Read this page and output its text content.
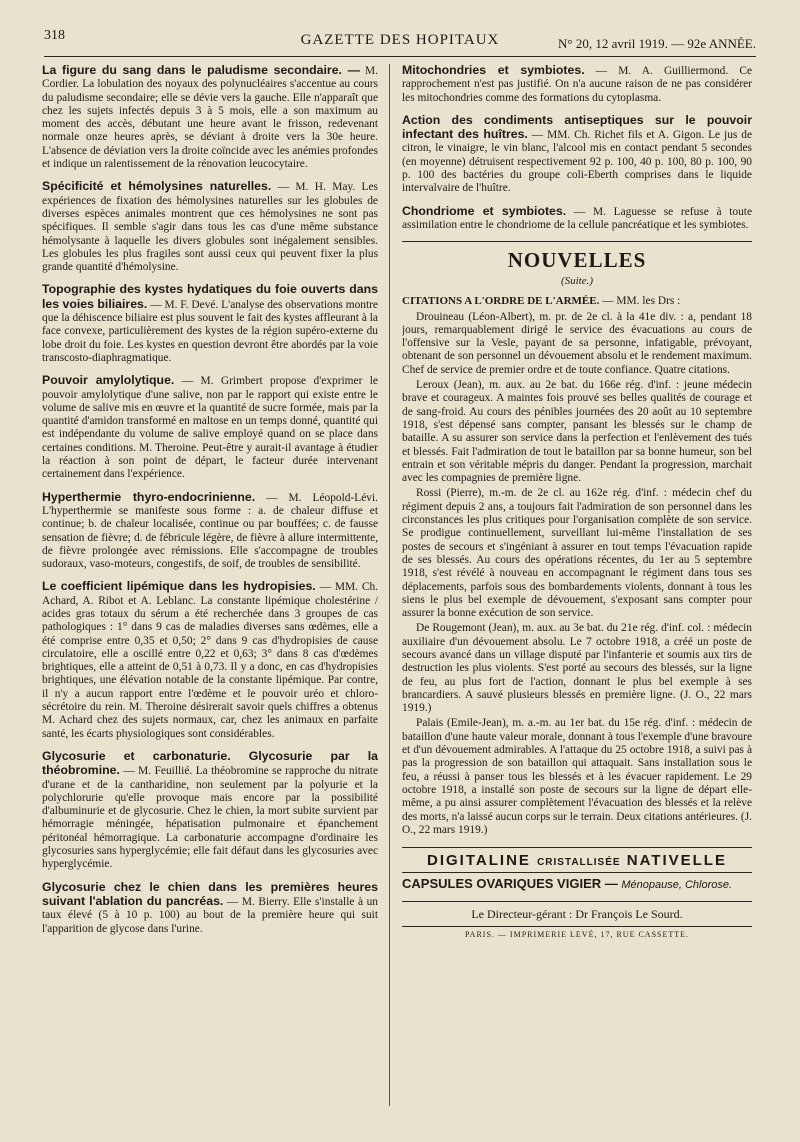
318	GAZETTE DES HOPITAUX	N° 20, 12 avril 1919. — 92e ANNÉE.
La figure du sang dans le paludisme secondaire. — M. Cordier. La lobulation des noyaux des polynucléaires s'accentue au cours du paludisme secondaire; elle se dévie vers la gauche. Elle n'apparaît que chez les sujets infectés depuis 3 à 5 mois, elle a son maximum au moment des accès, débutant une heure avant le frisson, redevenant normale onze heures après, se déviant à droite vers la 30e heure. L'absence de déviation vers la droite coïncide avec les anémies profondes et indique un ralentissement de la rénovation leucocytaire.
Spécificité et hémolysines naturelles. — M. H. May. Les expériences de fixation des hémolysines naturelles sur les globules de diverses espèces animales montrent que ces hémolysines ne sont pas spécifiques. Il semble s'agir dans tous les cas d'une même substance hémolysante à laquelle les divers globules sont inégalement sensibles. Les globules les plus fragiles sont aussi ceux qui peuvent fixer la plus grande quantité d'hémolysine.
Topographie des kystes hydatiques du foie ouverts dans les voies biliaires. — M. F. Devé. L'analyse des observations montre que la déhiscence biliaire est plus souvent le fait des kystes affleurant à la face convexe, particulièrement des kystes de la région supéro-externe du lobe droit du foie. Les kystes en question devront être abordés par la voie transcosto-diaphragmatique.
Pouvoir amylolytique. — M. Grimbert propose d'exprimer le pouvoir amylolytique d'une salive, non par le rapport qui existe entre le volume de salive mis en œuvre et la quantité de sucre formée, mais par la quantité d'amidon transformé en maltose en un temps donné, quantité qui est indépendante du volume de salive employé quand on se place dans certaines conditions. M. Theroine. Peut-être y aurait-il avantage à étudier la réaction à son point de départ, le facteur durée intervenant certainement dans l'expérience.
Hyperthermie thyro-endocrinienne. — M. Léopold-Lévi. L'hyperthermie se manifeste sous forme : a. de chaleur diffuse et continue; b. de chaleur localisée, continue ou par bouffées; c. de fausse sensation de fièvre; d. de fébricule légère, de fièvre à allure intermittente, de fièvre prolongée avec rémissions. Elle s'accompagne de troubles sudoraux, vaso-moteurs, congestifs, de soif, de troubles de sensibilité.
Le coefficient lipémique dans les hydropisies. — MM. Ch. Achard, A. Ribot et A. Leblanc. La constante lipémique cholestérine / acides gras totaux du sérum a été recherchée dans 3 groupes de cas pathologiques : 1° dans 9 cas de maladies diverses sans œdèmes, elle a été comprise entre 0,35 et 0,50; 2° dans 9 cas d'hydropisies de cause circulatoire, elle a oscillé entre 0,22 et 0,63; 3° dans 8 cas d'œdèmes brightiques, elle a atteint de 0,51 à 0,73. Il y a donc, en cas d'hydropisies brightiques, une élévation notable de la constante lipémique. Par contre, il n'y a aucun rapport entre l'œdème et le pouvoir uréo et chloro-sécrétoire du rein. M. Theroine désirerait savoir quels chiffres a obtenus M. Achard chez des sujets normaux, car, chez les animaux en parfaite santé, les écarts physiologiques sont considérables.
Glycosurie et carbonaturie. Glycosurie par la théobromine. — M. Feuillié. La théobromine se rapproche du nitrate d'urane et de la cantharidine, non seulement par la polyurie et la polychlorurie qu'elle provoque mais encore par la possibilité d'albuminurie et de glycosurie. Chez le chien, la mort subite survient par hémorragie méningée, hépatisation pulmonaire et épanchement péritonéal hémorragique. La carbonaturie accompagne d'ordinaire les glycosuries sans hyperglycémie; elle fait défaut dans les glycosuries avec hyperglycémie.
Glycosurie chez le chien dans les premières heures suivant l'ablation du pancréas. — M. Bierry. Elle s'installe à un taux élevé (5 à 10 p. 100) au bout de la première heure qui suit l'apparition de glycose dans l'urine.
Mitochondries et symbiotes. — M. A. Guilliermond. Ce rapprochement n'est pas justifié. On n'a aucune raison de ne pas considérer les mitochondries comme des formations du cytoplasma.
Action des condiments antiseptiques sur le pouvoir infectant des huîtres. — MM. Ch. Richet fils et A. Gigon. Le jus de citron, le vinaigre, le vin blanc, l'alcool mis en contact pendant 5 secondes (en moyenne) détruisent respectivement 92 p. 100, 40 p. 100, 80 p. 100, 90 p. 100 des bactéries du groupe coli-Eberth comprises dans le liquide intervalvaire de l'huître.
Chondriome et symbiotes. — M. Laguesse se refuse à toute assimilation entre le chondriome de la cellule pancréatique et les symbiotes.
NOUVELLES
(Suite.)
CITATIONS A L'ORDRE DE L'ARMÉE. — MM. les Drs :

Drouineau (Léon-Albert), m. pr. de 2e cl. à la 41e div. : a, pendant 18 jours, remarquablement dirigé le service des évacuations au cours de l'offensive sur la Vesle, payant de sa personne, infatigable, prévoyant, obtenant de son personnel un dévouement absolu et le rendement maximum. Chef de service de premier ordre et de toute confiance. Quatre citations.

Leroux (Jean), m. aux. au 2e bat. du 166e rég. d'inf. : jeune médecin brave et courageux. A maintes fois prouvé ses belles qualités de courage et de sang-froid. Au cours des pénibles journées des 20 août au 10 septembre 1918, s'est dépensé sans compter, pansant les blessés sur le champ de bataille. A su assurer son service dans la perfection et l'enlèvement des tués et blessés. Fait l'admiration de tout le bataillon par sa bonne humeur, son bel entrain et son véritable mépris du danger. Pendant la progression, marchait avec les compagnies de première ligne.

Rossi (Pierre), m.-m. de 2e cl. au 162e rég. d'inf. : médecin chef du régiment depuis 2 ans, a toujours fait l'admiration de son personnel dans les circonstances les plus critiques pour l'organisation complète de son service. Se prodigue continuellement, surveillant lui-même l'installation de ses postes de secours et s'ingéniant à assurer en tout temps l'évacuation rapide de ses blessés. Au cours des opérations récentes, du 1er au 5 septembre 1918, s'est révélé à nouveau en accompagnant le régiment dans tous ses déplacements, parfois sous des bombardements violents, donnant à tous les siens le plus bel exemple de dévouement, s'exposant sans compter pour assurer la bonne exécution de son service.

De Rougemont (Jean), m. aux. au 3e bat. du 21e rég. d'inf. col. : médecin auxiliaire d'un dévouement absolu. Le 7 octobre 1918, a créé un poste de secours avancé dans un village disputé par l'infanterie et soumis aux tirs de destruction les plus violents. S'est porté au secours des blessés, sur la ligne de feu, au plus fort de l'action, donnant le plus bel exemple à ses brancardiers. A sauvé plusieurs blessés en première ligne. (J. O., 22 mars 1919.)

Palais (Emile-Jean), m. a.-m. au 1er bat. du 15e rég. d'inf. : médecin de bataillon d'une haute valeur morale, donnant à tous l'exemple d'une bravoure et d'un dévouement admirables. A l'attaque du 25 octobre 1918, a suivi pas à pas la progression de son bataillon qui attaquait. Sans installation sous le feu, a réussi à panser tous les blessés et à les évacuer rapidement. Le 29 octobre 1918, a installé son poste de secours sur la ligne de départ elle-même, a pu ainsi assurer complètement l'évacuation des blessés et la relève des morts, n'a laissé aucun corps sur le terrain. Deux citations antérieures. (J. O., 22 mars 1919.)

DIGITALINE CRISTALLISÉE NATIVELLE
CAPSULES OVARIQUES VIGIER — Ménopause, Chlorose.
Le Directeur-gérant : Dr François Le Sourd.
PARIS. — IMPRIMERIE LEVÉ, 17, RUE CASSETTE.
